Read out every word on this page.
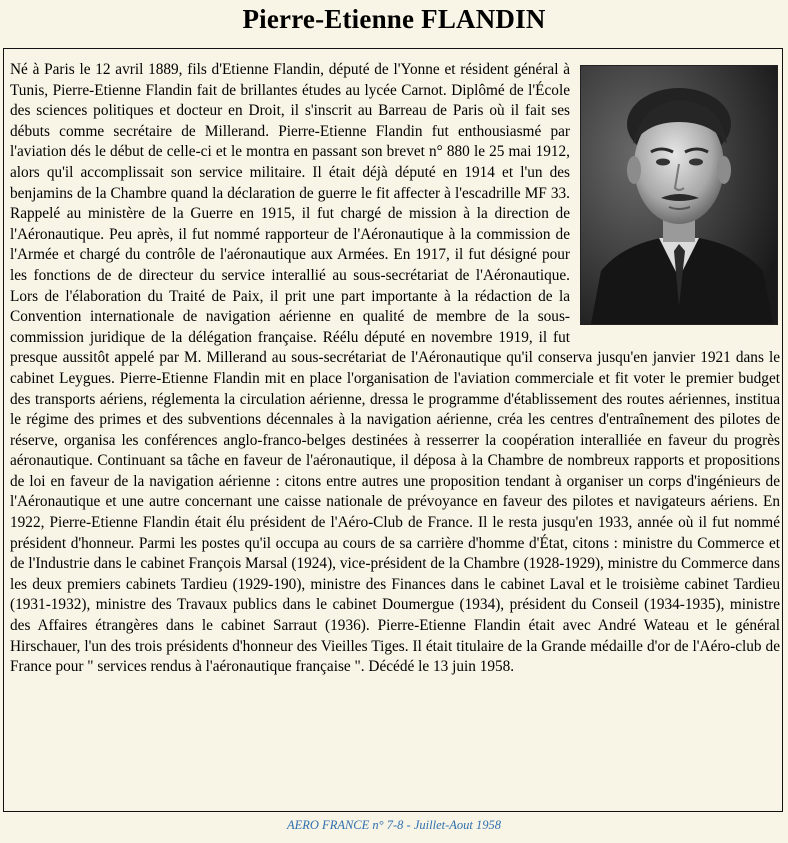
Pierre-Etienne FLANDIN
Né à Paris le 12 avril 1889, fils d'Etienne Flandin, député de l'Yonne et résident général à Tunis, Pierre-Etienne Flandin fait de brillantes études au lycée Carnot. Diplômé de l'École des sciences politiques et docteur en Droit, il s'inscrit au Barreau de Paris où il fait ses débuts comme secrétaire de Millerand. Pierre-Etienne Flandin fut enthousiasmé par l'aviation dés le début de celle-ci et le montra en passant son brevet n° 880 le 25 mai 1912, alors qu'il accomplissait son service militaire. Il était déjà député en 1914 et l'un des benjamins de la Chambre quand la déclaration de guerre le fit affecter à l'escadrille MF 33. Rappelé au ministère de la Guerre en 1915, il fut chargé de mission à la direction de l'Aéronautique. Peu après, il fut nommé rapporteur de l'Aéronautique à la commission de l'Armée et chargé du contrôle de l'aéronautique aux Armées. En 1917, il fut désigné pour les fonctions de de directeur du service interallié au sous-secrétariat de l'Aéronautique. Lors de l'élaboration du Traité de Paix, il prit une part importante à la rédaction de la Convention internationale de navigation aérienne en qualité de membre de la sous-commission juridique de la délégation française. Réélu député en novembre 1919, il fut presque aussitôt appelé par M. Millerand au sous-secrétariat de l'Aéronautique qu'il conserva jusqu'en janvier 1921 dans le cabinet Leygues. Pierre-Etienne Flandin mit en place l'organisation de l'aviation commerciale et fit voter le premier budget des transports aériens, réglementa la circulation aérienne, dressa le programme d'établissement des routes aériennes, institua le régime des primes et des subventions décennales à la navigation aérienne, créa les centres d'entraînement des pilotes de réserve, organisa les conférences anglo-franco-belges destinées à resserrer la coopération interalliée en faveur du progrès aéronautique. Continuant sa tâche en faveur de l'aéronautique, il déposa à la Chambre de nombreux rapports et propositions de loi en faveur de la navigation aérienne : citons entre autres une proposition tendant à organiser un corps d'ingénieurs de l'Aéronautique et une autre concernant une caisse nationale de prévoyance en faveur des pilotes et navigateurs aériens. En 1922, Pierre-Etienne Flandin était élu président de l'Aéro-Club de France. Il le resta jusqu'en 1933, année où il fut nommé président d'honneur. Parmi les postes qu'il occupa au cours de sa carrière d'homme d'État, citons : ministre du Commerce et de l'Industrie dans le cabinet François Marsal (1924), vice-président de la Chambre (1928-1929), ministre du Commerce dans les deux premiers cabinets Tardieu (1929-190), ministre des Finances dans le cabinet Laval et le troisième cabinet Tardieu (1931-1932), ministre des Travaux publics dans le cabinet Doumergue (1934), président du Conseil (1934-1935), ministre des Affaires étrangères dans le cabinet Sarraut (1936). Pierre-Etienne Flandin était avec André Wateau et le général Hirschauer, l'un des trois présidents d'honneur des Vieilles Tiges. Il était titulaire de la Grande médaille d'or de l'Aéro-club de France pour " services rendus à l'aéronautique française ". Décédé le 13 juin 1958.
AERO FRANCE n° 7-8 - Juillet-Aout 1958
